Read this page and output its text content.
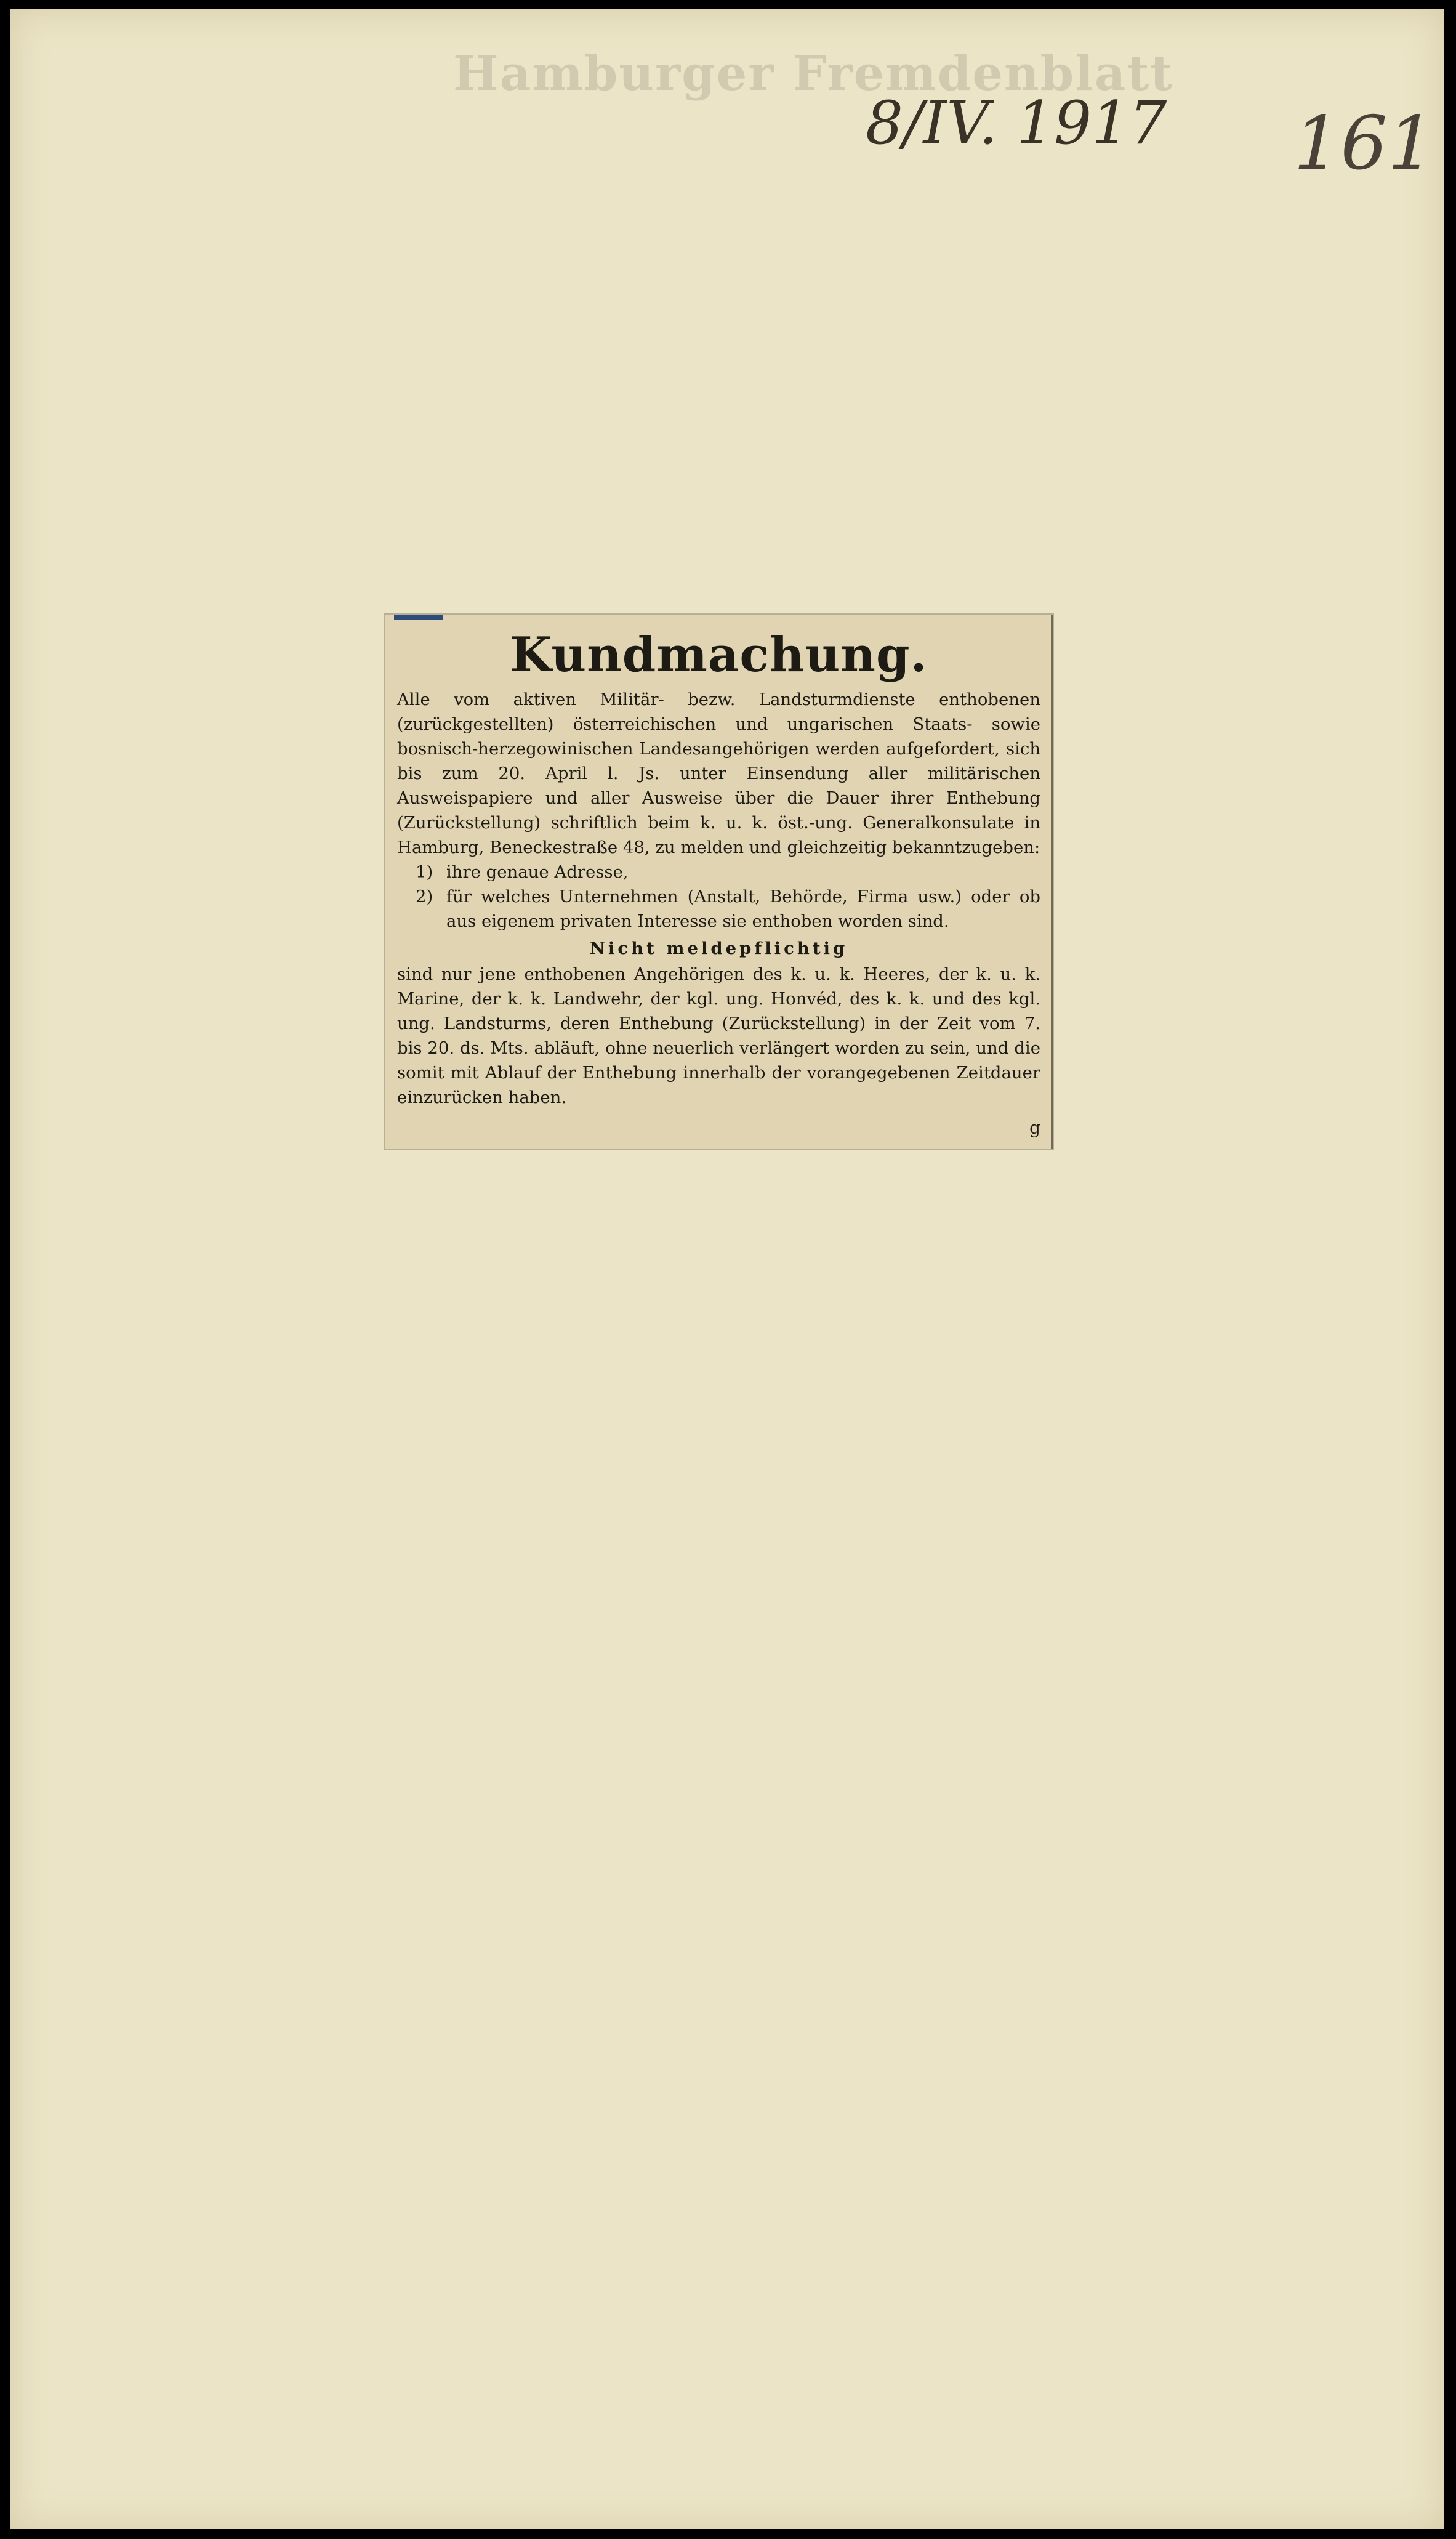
Hamburger Fremdenblatt
8/IV. 1917 161
Kundmachung.
Alle vom aktiven Militär- bezw. Landsturmdienste enthobenen (zurückgestellten) österreichischen und ungarischen Staats- sowie bosnisch-herzegowinischen Landesangehörigen werden aufgefordert, sich bis zum 20. April l. Js. unter Einsendung aller militärischen Ausweispapiere und aller Ausweise über die Dauer ihrer Enthebung (Zurückstellung) schriftlich beim k. u. k. öst.-ung. Generalkonsulate in Hamburg, Beneckestraße 48, zu melden und gleichzeitig bekanntzugeben:
1) ihre genaue Adresse,
2) für welches Unternehmen (Anstalt, Behörde, Firma usw.) oder ob aus eigenem privaten Interesse sie enthoben worden sind.
Nicht meldepflichtig
sind nur jene enthobenen Angehörigen des k. u. k. Heeres, der k. u. k. Marine, der k. k. Landwehr, der kgl. ung. Honvéd, des k. k. und des kgl. ung. Landsturms, deren Enthebung (Zurückstellung) in der Zeit vom 7. bis 20. ds. Mts. abläuft, ohne neuerlich verlängert worden zu sein, und die somit mit Ablauf der Enthebung innerhalb der vorangegebenen Zeitdauer einzurücken haben.
g
